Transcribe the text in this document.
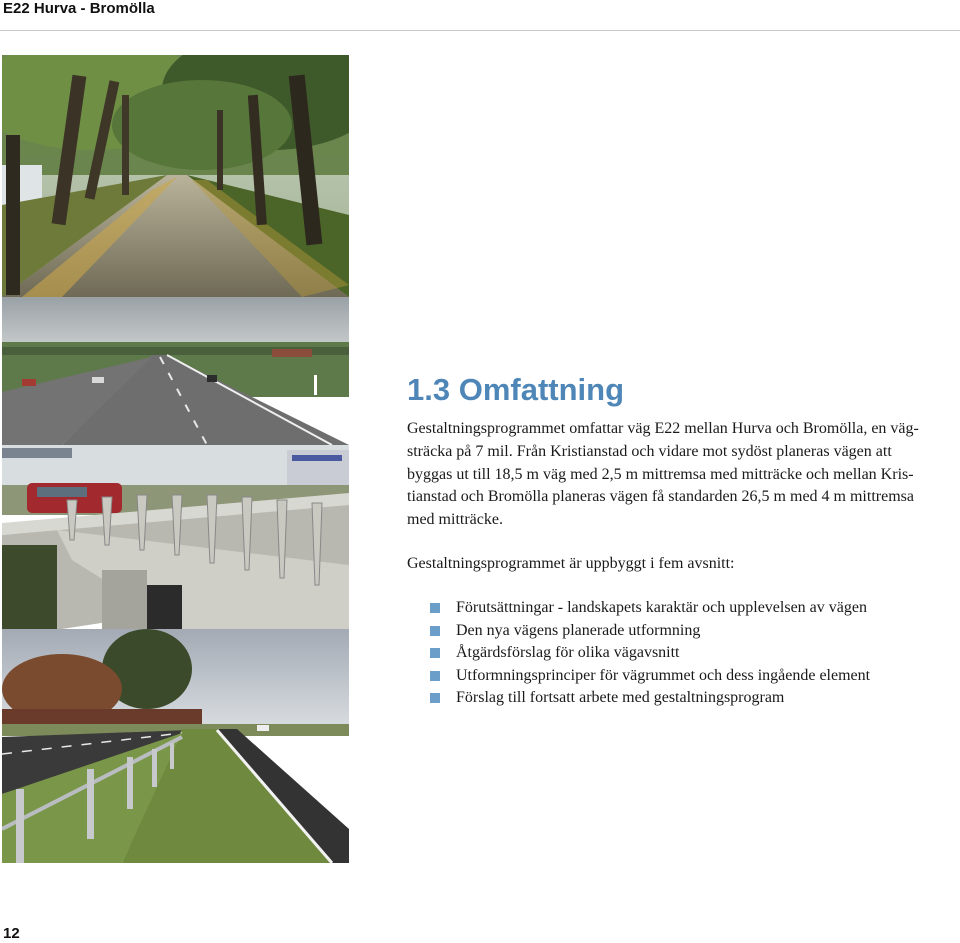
E22 Hurva - Bromölla
1.3 Omfattning

Gestaltningsprogrammet omfattar väg E22 mellan Hurva och Bromölla, en väg-
sträcka på 7 mil. Från Kristianstad och vidare mot sydöst planeras vägen att
byggas ut till 18,5 m väg med 2,5 m mittremsa med mitträcke och mellan Kris-
tianstad och Bromölla planeras vägen få standarden 26,5 m med 4 m mittremsa
med mitträcke.

Gestaltningsprogrammet är uppbyggt i fem avsnitt:

Förutsättningar - landskapets karaktär och upplevelsen av vägen
Den nya vägens planerade utformning
Åtgärdsförslag för olika vägavsnitt
Utformningsprinciper för vägrummet och dess ingående element
Förslag till fortsatt arbete med gestaltningsprogram
12
